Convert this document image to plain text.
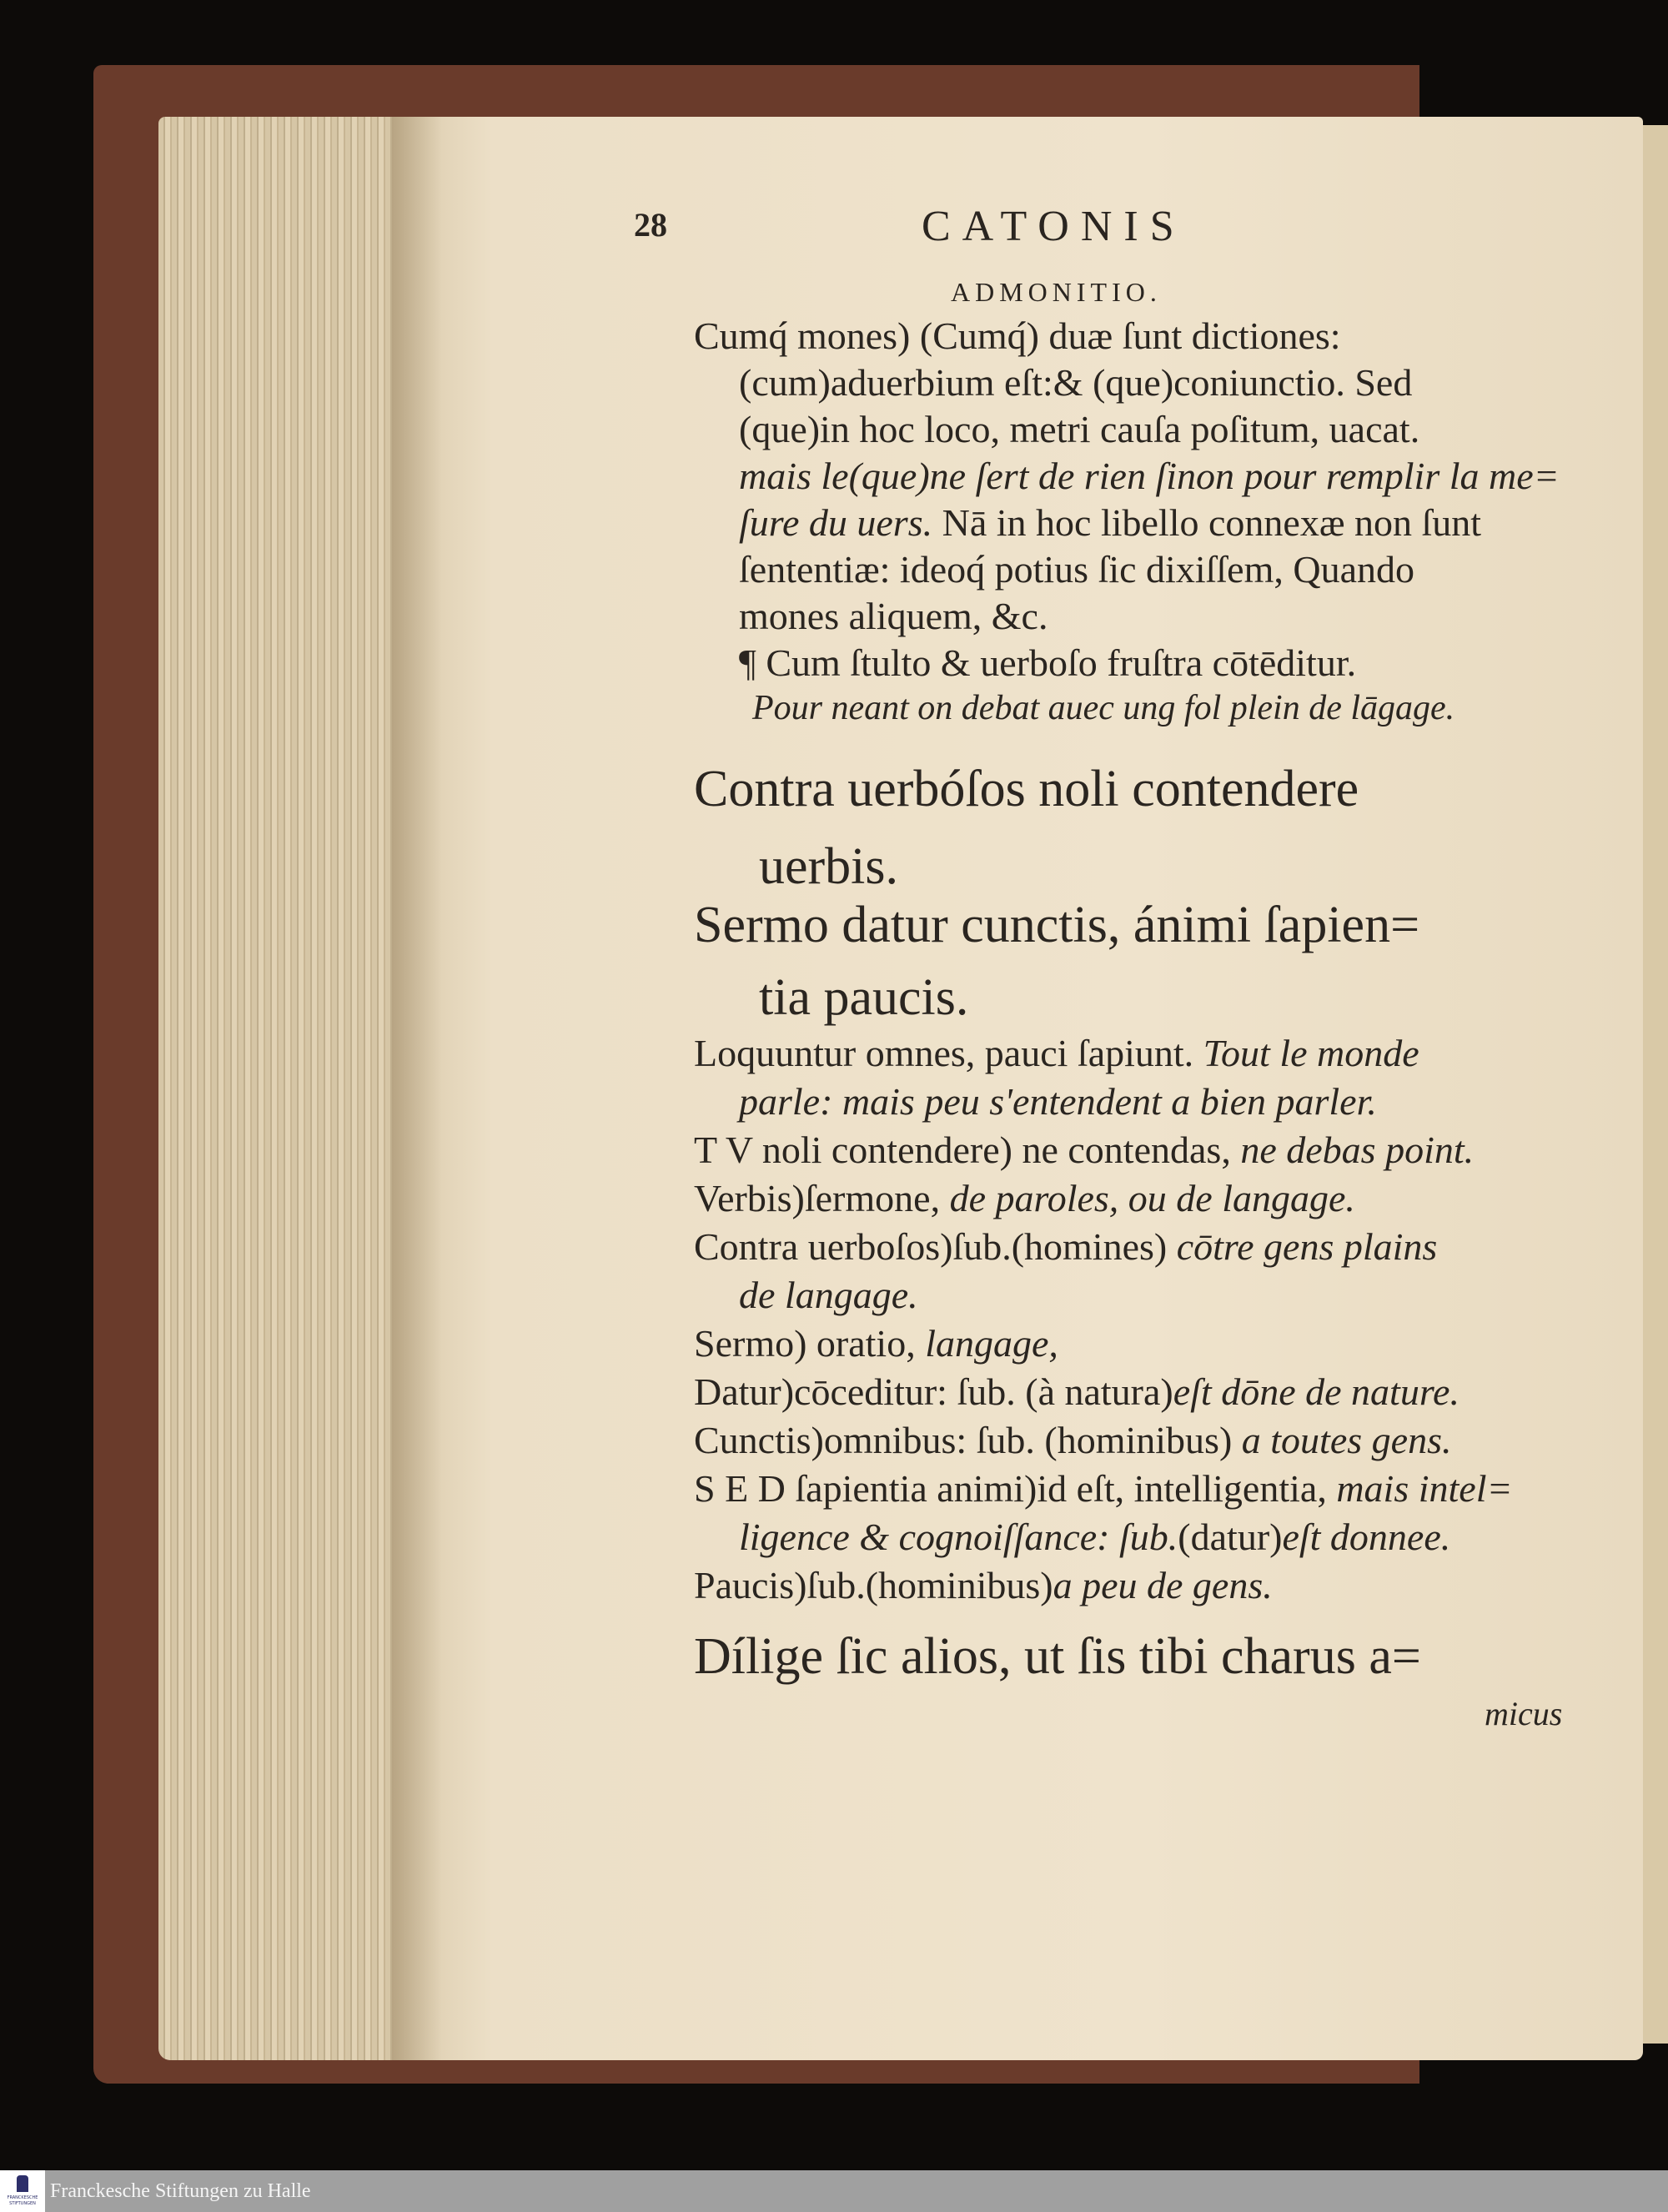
28	CATONIS
ADMONITIO.
Cumq́ mones) (Cumq́) duæ ſunt dictiones:
(cum)aduerbium eſt:& (que)coniunctio. Sed
(que)in hoc loco, metri cauſa poſitum, uacat.
mais le(que)ne ſert de rien ſinon pour remplir la me=
ſure du uers. Nā in hoc libello connexæ non ſunt
ſententiæ: ideoq́ potius ſic dixiſſem, Quando
mones aliquem, &c.
¶ Cum ſtulto & uerboſo fruſtra cōtēditur.
Pour neant on debat auec ung fol plein de lāgage.
Contra uerbóſos noli contendere
uerbis.
Sermo datur cunctis, ánimi ſapien=
tia paucis.
Loquuntur omnes, pauci ſapiunt. Tout le monde
parle: mais peu s'entendent a bien parler.
T V noli contendere) ne contendas, ne debas point.
Verbis)ſermone, de paroles, ou de langage.
Contra uerboſos)ſub.(homines) cōtre gens plains
de langage.
Sermo) oratio, langage,
Datur)cōceditur: ſub. (à natura)eſt dōne de nature.
Cunctis)omnibus: ſub. (hominibus) a toutes gens.
S E D ſapientia animi)id eſt, intelligentia, mais intel=
ligence & cognoiſſance: ſub.(datur)eſt donnee.
Paucis)ſub.(hominibus)a peu de gens.
Dílige ſic alios, ut ſis tibi charus a=
micus
FRANCKESCHE STIFTUNGEN
Franckesche Stiftungen zu Halle
